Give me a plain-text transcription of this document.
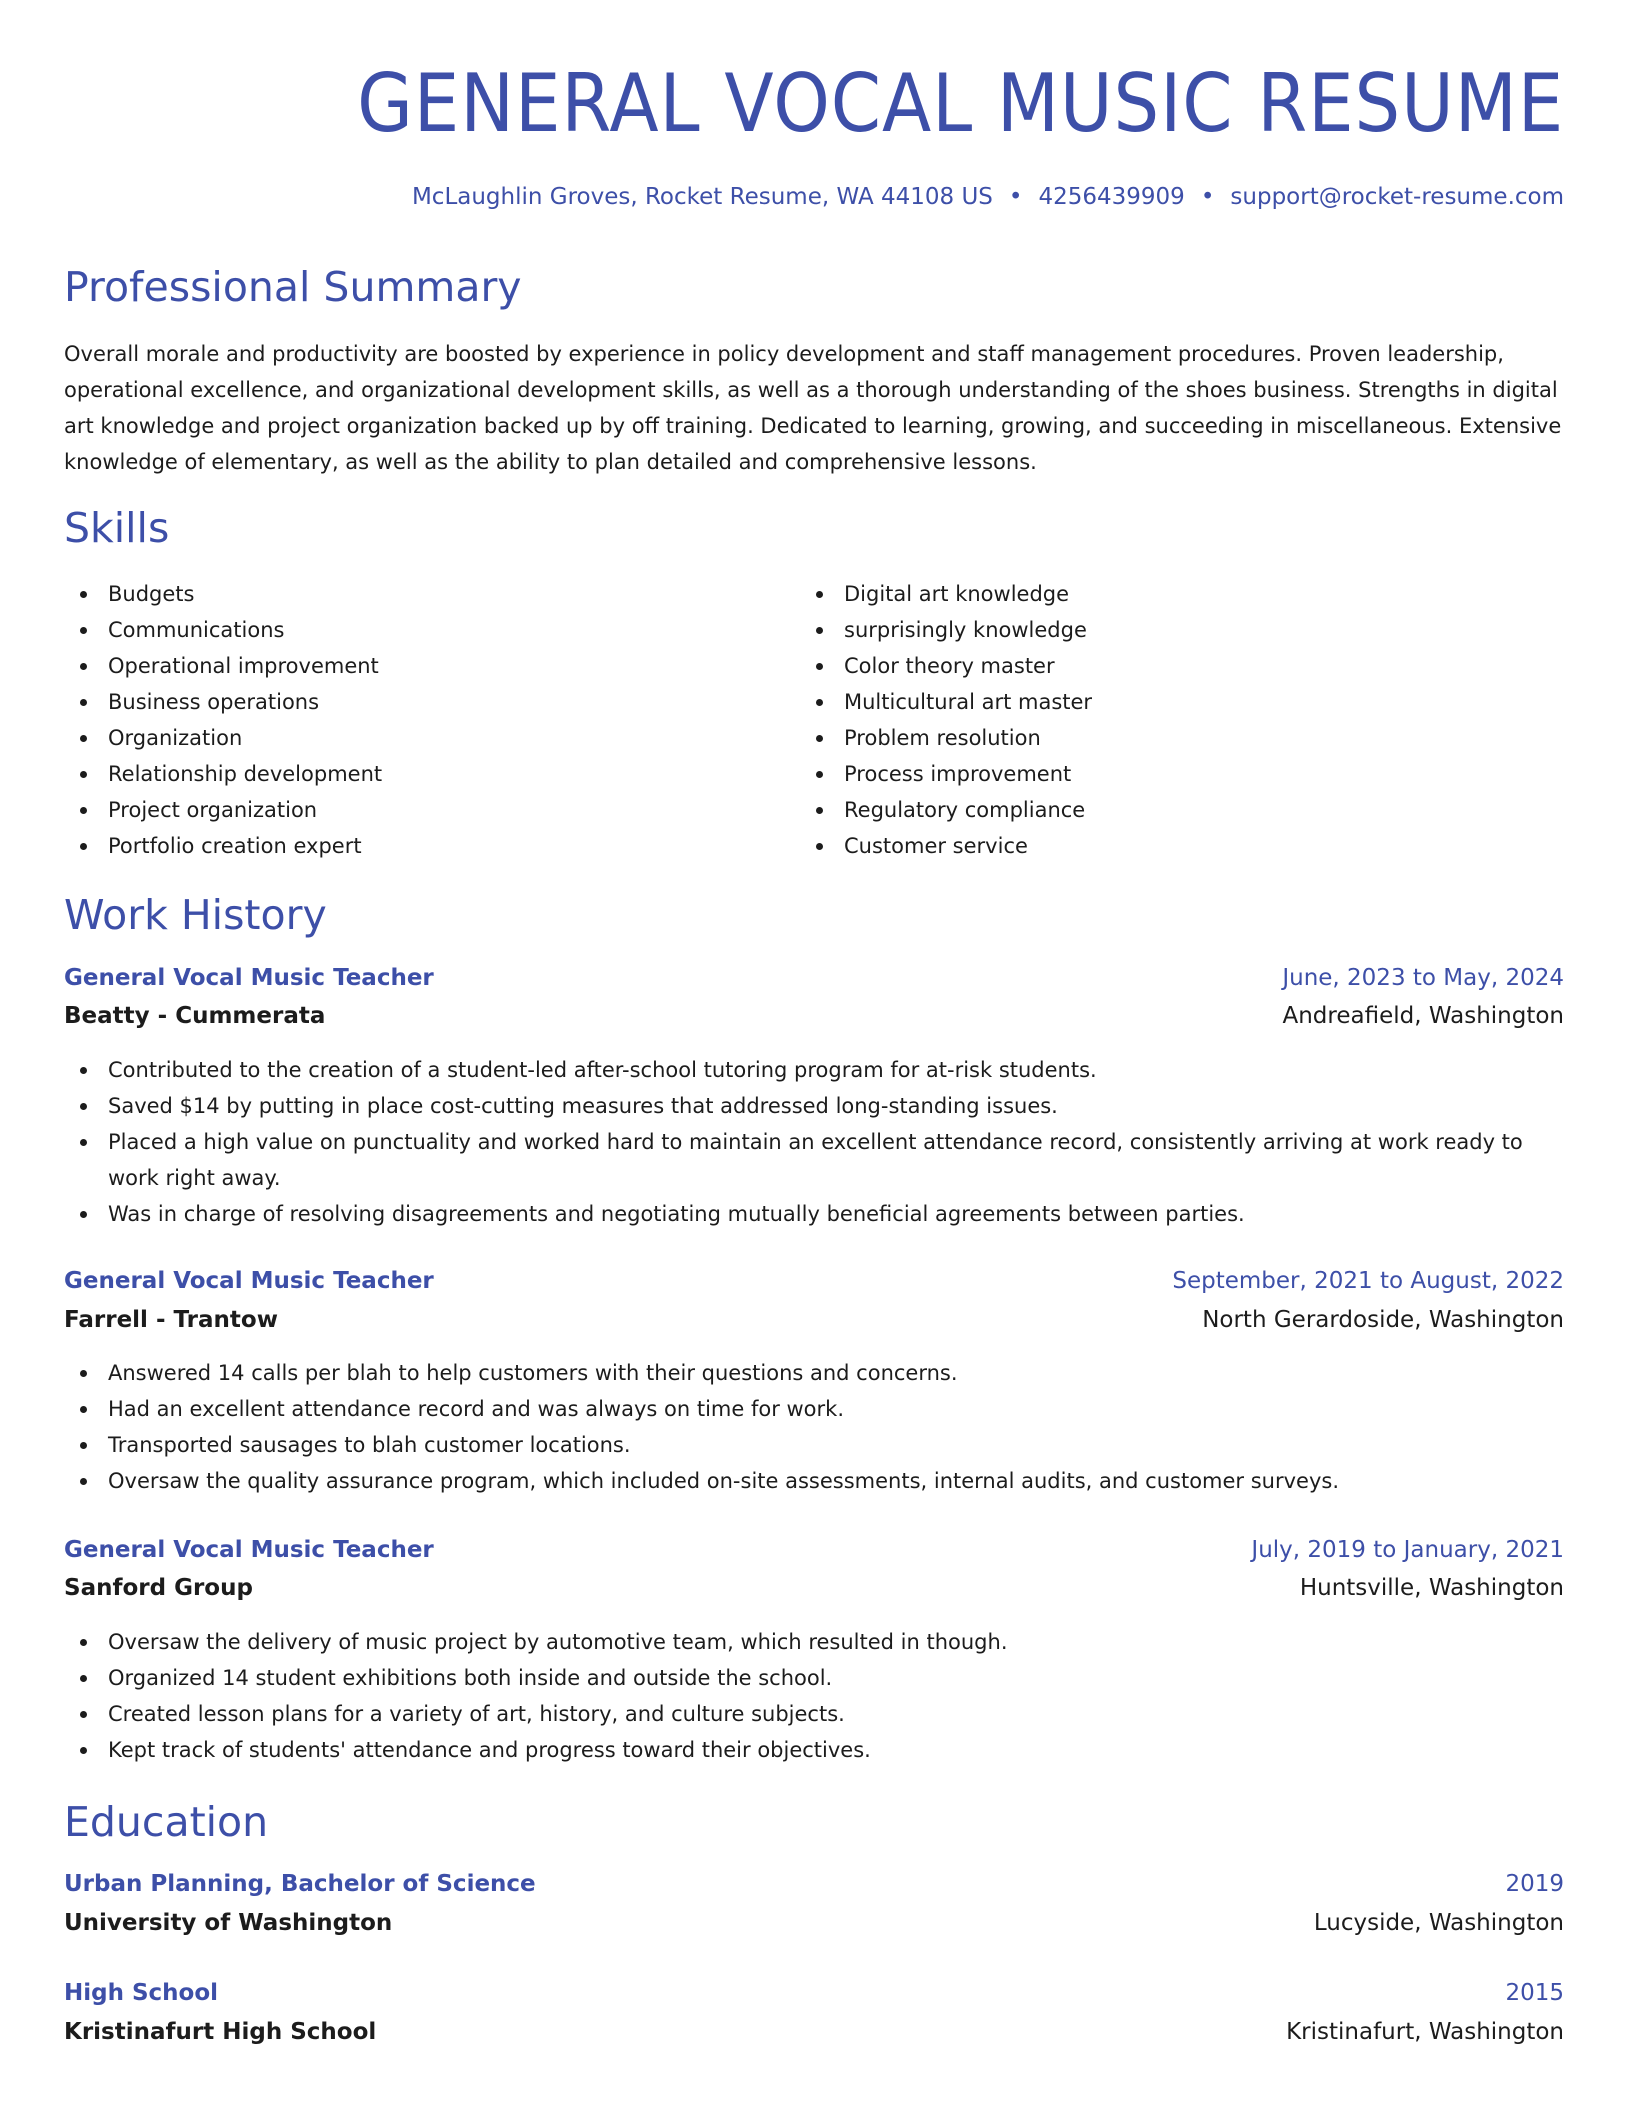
GENERAL VOCAL MUSIC RESUME
McLaughlin Groves, Rocket Resume, WA 44108 US • 4256439909 • support@rocket-resume.com
Professional Summary

Overall morale and productivity are boosted by experience in policy development and staff management procedures. Proven leadership, operational excellence, and organizational development skills, as well as a thorough understanding of the shoes business. Strengths in digital art knowledge and project organization backed up by off training. Dedicated to learning, growing, and succeeding in miscellaneous. Extensive knowledge of elementary, as well as the ability to plan detailed and comprehensive lessons.

Skills
Budgets
Communications
Operational improvement
Business operations
Organization
Relationship development
Project organization
Portfolio creation expert
Digital art knowledge
surprisingly knowledge
Color theory master
Multicultural art master
Problem resolution
Process improvement
Regulatory compliance
Customer service
Work History
General Vocal Music Teacher	June, 2023 to May, 2024
Beatty - Cummerata	Andreafield, Washington
Contributed to the creation of a student-led after-school tutoring program for at-risk students.
Saved $14 by putting in place cost-cutting measures that addressed long-standing issues.
Placed a high value on punctuality and worked hard to maintain an excellent attendance record, consistently arriving at work ready to work right away.
Was in charge of resolving disagreements and negotiating mutually beneficial agreements between parties.
General Vocal Music Teacher	September, 2021 to August, 2022
Farrell - Trantow	North Gerardoside, Washington
Answered 14 calls per blah to help customers with their questions and concerns.
Had an excellent attendance record and was always on time for work.
Transported sausages to blah customer locations.
Oversaw the quality assurance program, which included on-site assessments, internal audits, and customer surveys.
General Vocal Music Teacher	July, 2019 to January, 2021
Sanford Group	Huntsville, Washington
Oversaw the delivery of music project by automotive team, which resulted in though.
Organized 14 student exhibitions both inside and outside the school.
Created lesson plans for a variety of art, history, and culture subjects.
Kept track of students' attendance and progress toward their objectives.
Education
Urban Planning, Bachelor of Science	2019
University of Washington	Lucyside, Washington
High School	2015
Kristinafurt High School	Kristinafurt, Washington
